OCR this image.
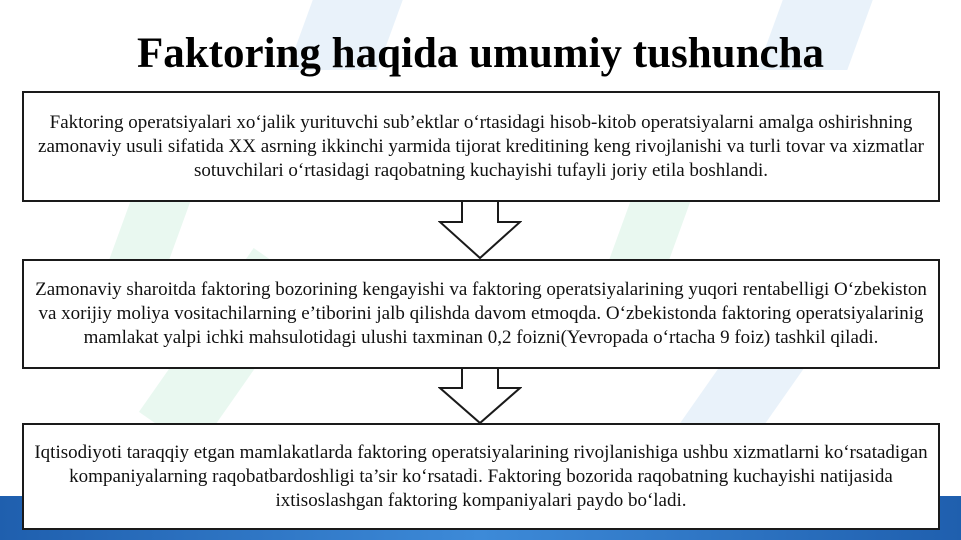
Faktoring haqida umumiy tushuncha
Faktoring operatsiyalari xo‘jalik yurituvchi sub’ektlar o‘rtasidagi hisob-kitob operatsiyalarni amalga oshirishning zamonaviy usuli sifatida XX asrning ikkinchi yarmida tijorat kreditining keng rivojlanishi va turli tovar va xizmatlar sotuvchilari o‘rtasidagi raqobatning kuchayishi tufayli joriy etila boshlandi.
Zamonaviy sharoitda faktoring bozorining kengayishi va faktoring operatsiyalarining yuqori rentabelligi O‘zbekiston va xorijiy moliya vositachilarning e’tiborini jalb qilishda davom etmoqda. O‘zbekistonda faktoring operatsiyalarinig mamlakat yalpi ichki mahsulotidagi ulushi taxminan 0,2 foizni(Yevropada o‘rtacha 9 foiz) tashkil qiladi.
Iqtisodiyoti taraqqiy etgan mamlakatlarda faktoring operatsiyalarining rivojlanishiga ushbu xizmatlarni ko‘rsatadigan kompaniyalarning raqobatbardoshligi ta’sir ko‘rsatadi. Faktoring bozorida raqobatning kuchayishi natijasida ixtisoslashgan faktoring kompaniyalari paydo bo‘ladi.
